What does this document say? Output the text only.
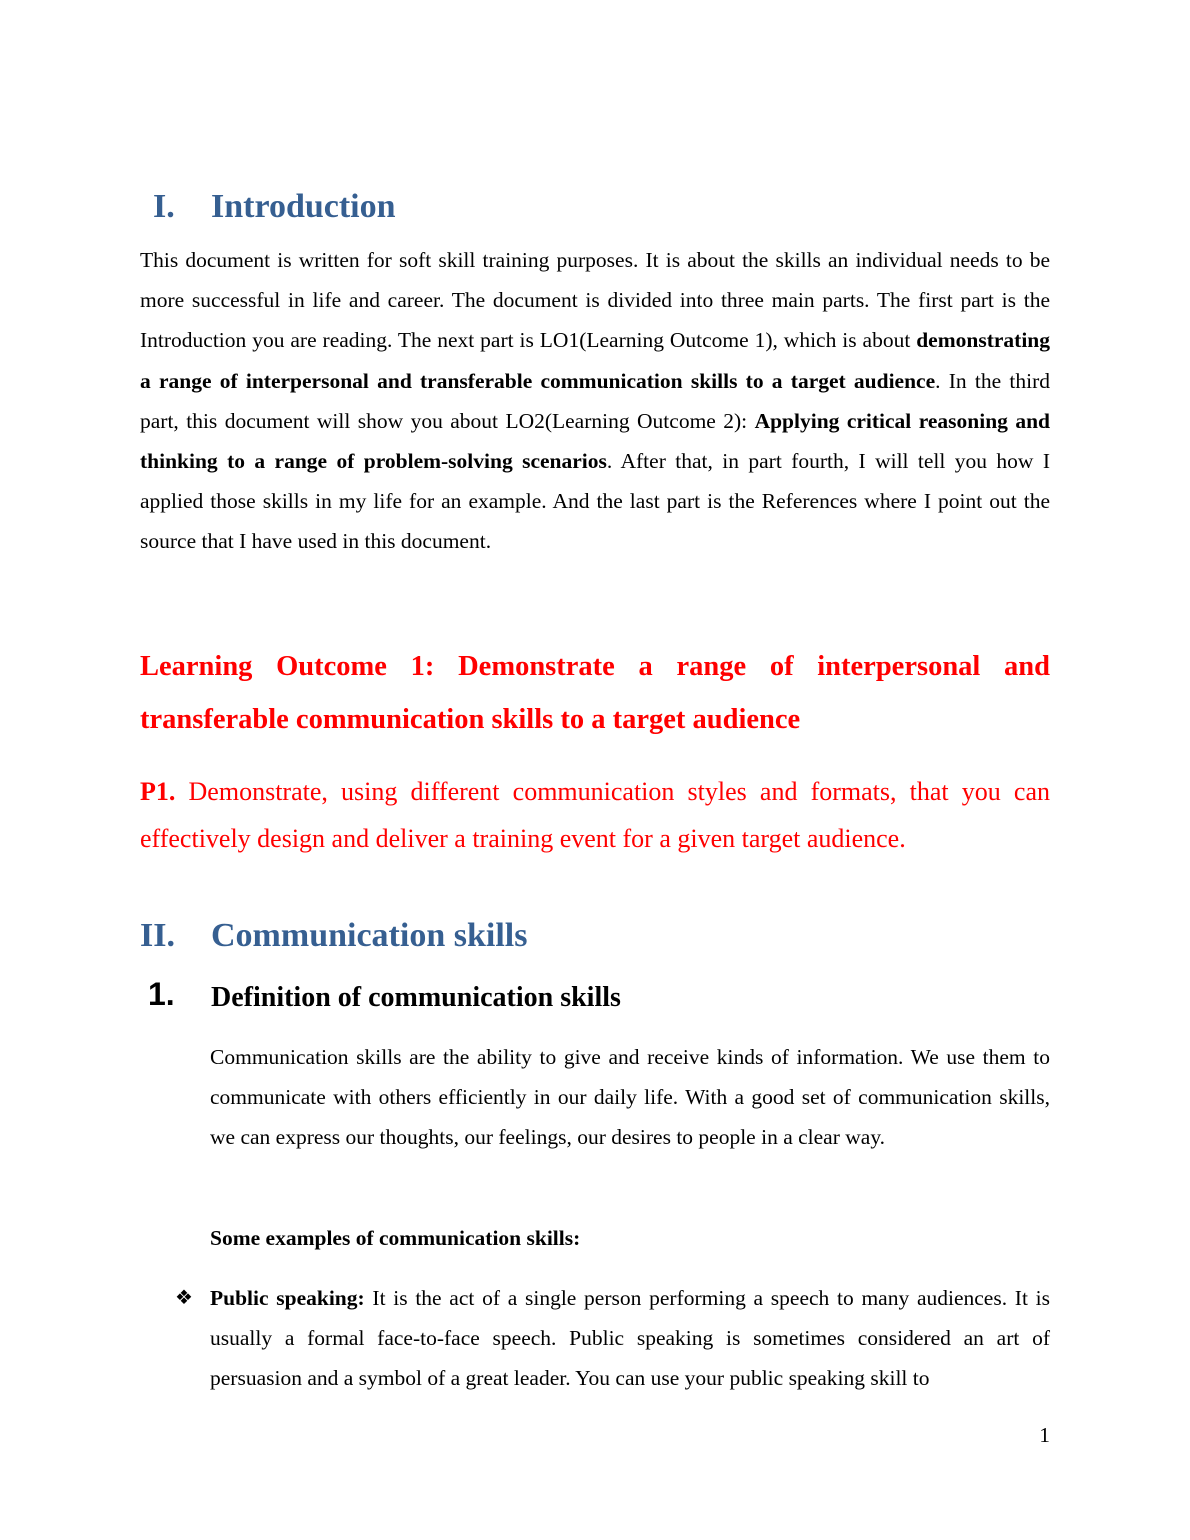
I. Introduction
This document is written for soft skill training purposes. It is about the skills an individual needs to be more successful in life and career. The document is divided into three main parts. The first part is the Introduction you are reading. The next part is LO1(Learning Outcome 1), which is about demonstrating a range of interpersonal and transferable communication skills to a target audience. In the third part, this document will show you about LO2(Learning Outcome 2): Applying critical reasoning and thinking to a range of problem-solving scenarios. After that, in part fourth, I will tell you how I applied those skills in my life for an example. And the last part is the References where I point out the source that I have used in this document.
Learning Outcome 1: Demonstrate a range of interpersonal and transferable communication skills to a target audience
P1. Demonstrate, using different communication styles and formats, that you can effectively design and deliver a training event for a given target audience.
II. Communication skills
1. Definition of communication skills
Communication skills are the ability to give and receive kinds of information. We use them to communicate with others efficiently in our daily life. With a good set of communication skills, we can express our thoughts, our feelings, our desires to people in a clear way.
Some examples of communication skills:
❖ Public speaking: It is the act of a single person performing a speech to many audiences. It is usually a formal face-to-face speech. Public speaking is sometimes considered an art of persuasion and a symbol of a great leader. You can use your public speaking skill to
1
